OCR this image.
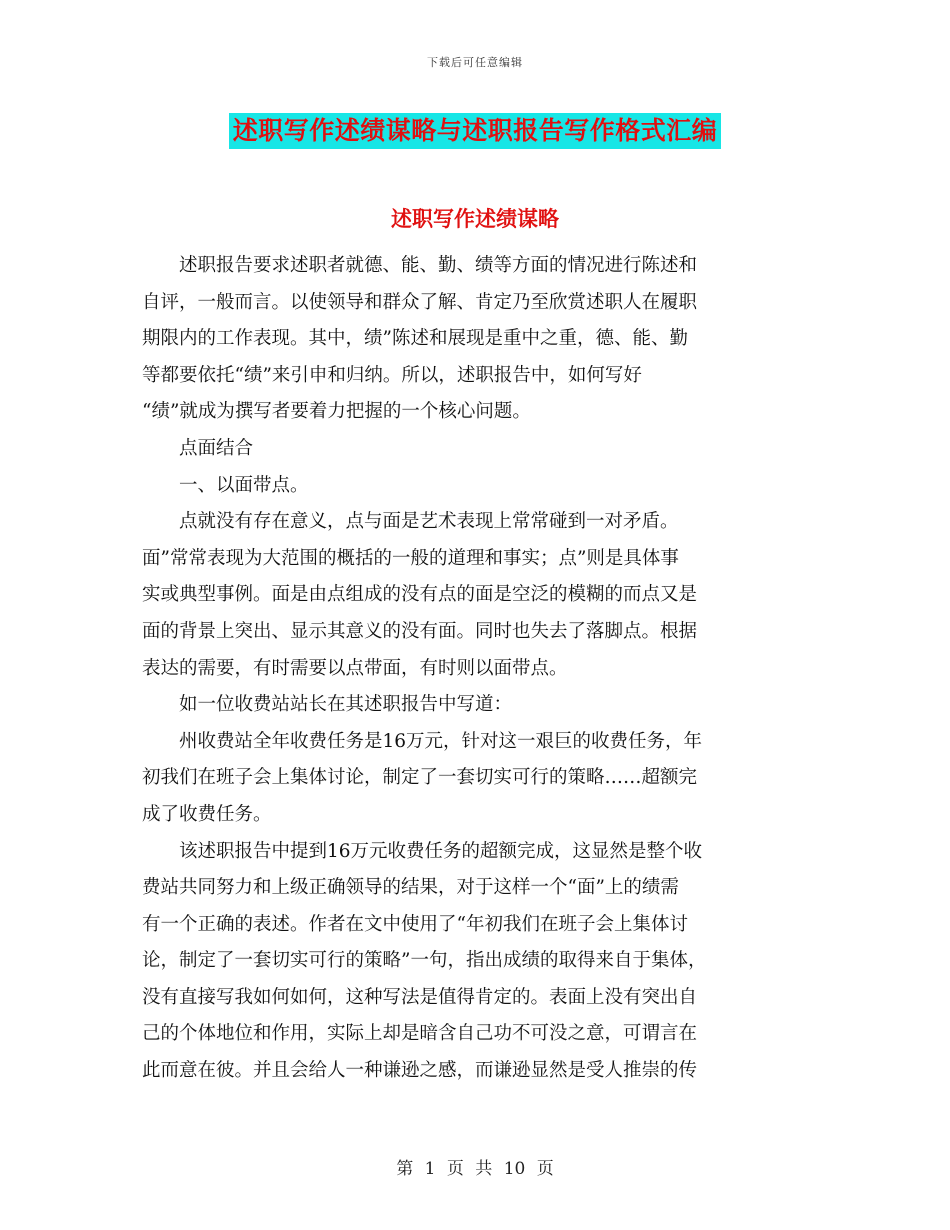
下载后可任意编辑
述职写作述绩谋略与述职报告写作格式汇编
述职写作述绩谋略

述职报告要求述职者就德、能、勤、绩等方面的情况进行陈述和

自评，一般而言。以使领导和群众了解、肯定乃至欣赏述职人在履职

期限内的工作表现。其中，绩”陈述和展现是重中之重，德、能、勤

等都要依托“绩”来引申和归纳。所以，述职报告中，如何写好

“绩”就成为撰写者要着力把握的一个核心问题。

点面结合

一、以面带点。

点就没有存在意义，点与面是艺术表现上常常碰到一对矛盾。

面”常常表现为大范围的概括的一般的道理和事实；点”则是具体事

实或典型事例。面是由点组成的没有点的面是空泛的模糊的而点又是

面的背景上突出、显示其意义的没有面。同时也失去了落脚点。根据

表达的需要，有时需要以点带面，有时则以面带点。

如一位收费站站长在其述职报告中写道：

州收费站全年收费任务是16万元，针对这一艰巨的收费任务，年

初我们在班子会上集体讨论，制定了一套切实可行的策略……超额完

成了收费任务。

该述职报告中提到16万元收费任务的超额完成，这显然是整个收

费站共同努力和上级正确领导的结果，对于这样一个“面”上的绩需

有一个正确的表述。作者在文中使用了“年初我们在班子会上集体讨

论，制定了一套切实可行的策略”一句，指出成绩的取得来自于集体，

没有直接写我如何如何，这种写法是值得肯定的。表面上没有突出自

己的个体地位和作用，实际上却是暗含自己功不可没之意，可谓言在

此而意在彼。并且会给人一种谦逊之感，而谦逊显然是受人推崇的传

第 1 页 共 10 页
